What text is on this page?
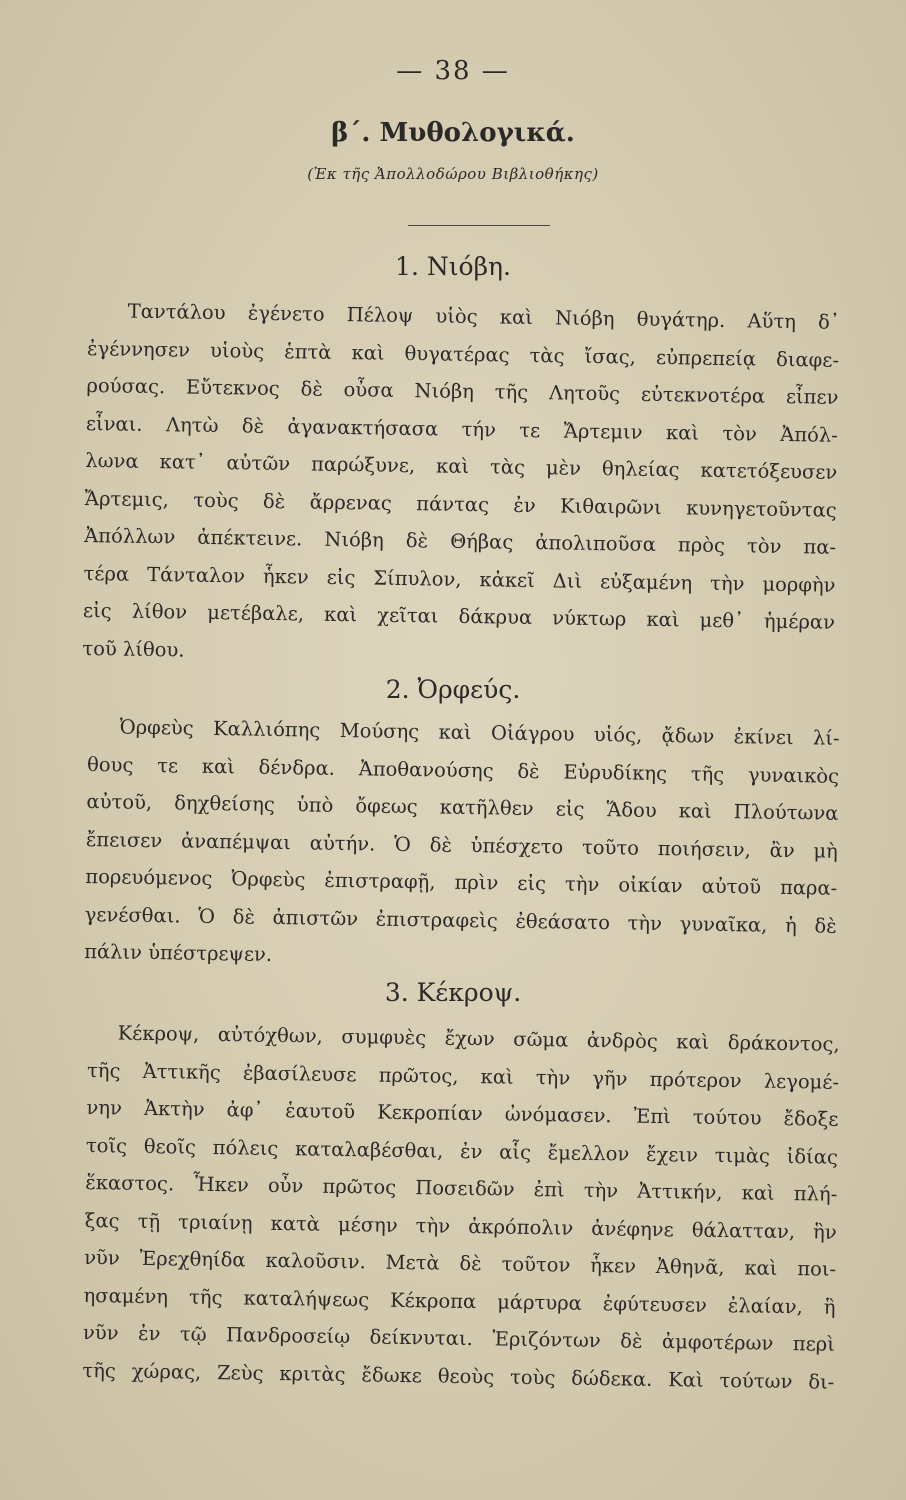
— 38 —
β΄. Μυθολογικά.
(Ἐκ τῆς Ἀπολλοδώρου Βιβλιοθήκης)
1. Νιόβη.
Ταντάλου ἐγένετο Πέλοψ υἱὸς καὶ Νιόβη θυγάτηρ. Αὕτη δ᾽
ἐγέννησεν υἱοὺς ἑπτὰ καὶ θυγατέρας τὰς ἴσας, εὐπρεπείᾳ διαφε-
ρούσας. Εὔτεκνος δὲ οὖσα Νιόβη τῆς Λητοῦς εὐτεκνοτέρα εἶπεν
εἶναι. Λητὼ δὲ ἀγανακτήσασα τήν τε Ἄρτεμιν καὶ τὸν Ἀπόλ-
λωνα κατ᾽ αὐτῶν παρώξυνε, καὶ τὰς μὲν θηλείας κατετόξευσεν
Ἄρτεμις, τοὺς δὲ ἄρρενας πάντας ἐν Κιθαιρῶνι κυνηγετοῦντας
Ἀπόλλων ἀπέκτεινε. Νιόβη δὲ Θήβας ἀπολιποῦσα πρὸς τὸν πα-
τέρα Τάνταλον ἧκεν εἰς Σίπυλον, κἀκεῖ Διὶ εὐξαμένη τὴν μορφὴν
εἰς λίθον μετέβαλε, καὶ χεῖται δάκρυα νύκτωρ καὶ μεθ᾽ ἡμέραν
τοῦ λίθου.
2. Ὀρφεύς.
Ὀρφεὺς Καλλιόπης Μούσης καὶ Οἰάγρου υἱός, ᾄδων ἐκίνει λί-
θους τε καὶ δένδρα. Ἀποθανούσης δὲ Εὐρυδίκης τῆς γυναικὸς
αὐτοῦ, δηχθείσης ὑπὸ ὄφεως κατῆλθεν εἰς Ἅδου καὶ Πλούτωνα
ἔπεισεν ἀναπέμψαι αὐτήν. Ὁ δὲ ὑπέσχετο τοῦτο ποιήσειν, ἂν μὴ
πορευόμενος Ὀρφεὺς ἐπιστραφῇ, πρὶν εἰς τὴν οἰκίαν αὐτοῦ παρα-
γενέσθαι. Ὁ δὲ ἀπιστῶν ἐπιστραφεὶς ἐθεάσατο τὴν γυναῖκα, ἡ δὲ
πάλιν ὑπέστρεψεν.
3. Κέκροψ.
Κέκροψ, αὐτόχθων, συμφυὲς ἔχων σῶμα ἀνδρὸς καὶ δράκοντος,
τῆς Ἀττικῆς ἐβασίλευσε πρῶτος, καὶ τὴν γῆν πρότερον λεγομέ-
νην Ἀκτὴν ἀφ᾽ ἑαυτοῦ Κεκροπίαν ὠνόμασεν. Ἐπὶ τούτου ἔδοξε
τοῖς θεοῖς πόλεις καταλαβέσθαι, ἐν αἷς ἔμελλον ἔχειν τιμὰς ἰδίας
ἕκαστος. Ἧκεν οὖν πρῶτος Ποσειδῶν ἐπὶ τὴν Ἀττικήν, καὶ πλή-
ξας τῇ τριαίνῃ κατὰ μέσην τὴν ἀκρόπολιν ἀνέφηνε θάλατταν, ἣν
νῦν Ἐρεχθηίδα καλοῦσιν. Μετὰ δὲ τοῦτον ἧκεν Ἀθηνᾶ, καὶ ποι-
ησαμένη τῆς καταλήψεως Κέκροπα μάρτυρα ἐφύτευσεν ἐλαίαν, ἣ
νῦν ἐν τῷ Πανδροσείῳ δείκνυται. Ἐριζόντων δὲ ἀμφοτέρων περὶ
τῆς χώρας, Ζεὺς κριτὰς ἔδωκε θεοὺς τοὺς δώδεκα. Καὶ τούτων δι-
